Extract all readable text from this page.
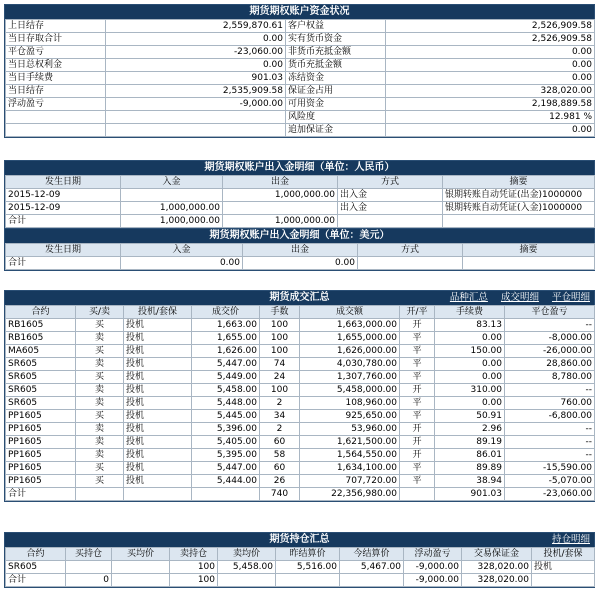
期货期权账户资金状况
上日结存	2,559,870.61	客户权益	2,526,909.58
当日存取合计	0.00	实有货币资金	2,526,909.58
平仓盈亏	-23,060.00	非货币充抵金额	0.00
当日总权利金	0.00	货币充抵金额	0.00
当日手续费	901.03	冻结资金	0.00
当日结存	2,535,909.58	保证金占用	328,020.00
浮动盈亏	-9,000.00	可用资金	2,198,889.58
		风险度	12.981 %
		追加保证金	0.00
期货期权账户出入金明细（单位：人民币）
发生日期	入金	出金	方式	摘要
2015-12-09		1,000,000.00	出入金	银期转账自动凭证(出金)1000000
2015-12-09	1,000,000.00		出入金	银期转账自动凭证(入金)1000000
合计	1,000,000.00	1,000,000.00		
期货期权账户出入金明细（单位：美元）
发生日期	入金	出金	方式	摘要
合计	0.00	0.00		
期货成交汇总	品种汇总 成交明细 平仓明细
合约	买/卖	投机/套保	成交价	手数	成交额	开/平	手续费	平仓盈亏
RB1605	买	投机	1,663.00	100	1,663,000.00	开	83.13	--
RB1605	卖	投机	1,655.00	100	1,655,000.00	平	0.00	-8,000.00
MA605	买	投机	1,626.00	100	1,626,000.00	平	150.00	-26,000.00
SR605	卖	投机	5,447.00	74	4,030,780.00	平	0.00	28,860.00
SR605	买	投机	5,449.00	24	1,307,760.00	平	0.00	8,780.00
SR605	卖	投机	5,458.00	100	5,458,000.00	开	310.00	--
SR605	卖	投机	5,448.00	2	108,960.00	平	0.00	760.00
PP1605	买	投机	5,445.00	34	925,650.00	平	50.91	-6,800.00
PP1605	卖	投机	5,396.00	2	53,960.00	开	2.96	--
PP1605	卖	投机	5,405.00	60	1,621,500.00	开	89.19	--
PP1605	卖	投机	5,395.00	58	1,564,550.00	开	86.01	--
PP1605	买	投机	5,447.00	60	1,634,100.00	平	89.89	-15,590.00
PP1605	买	投机	5,444.00	26	707,720.00	平	38.94	-5,070.00
合计				740	22,356,980.00		901.03	-23,060.00
期货持仓汇总	持仓明细
合约	买持仓	买均价	卖持仓	卖均价	昨结算价	今结算价	浮动盈亏	交易保证金	投机/套保
SR605			100	5,458.00	5,516.00	5,467.00	-9,000.00	328,020.00	投机
合计	0		100				-9,000.00	328,020.00	
